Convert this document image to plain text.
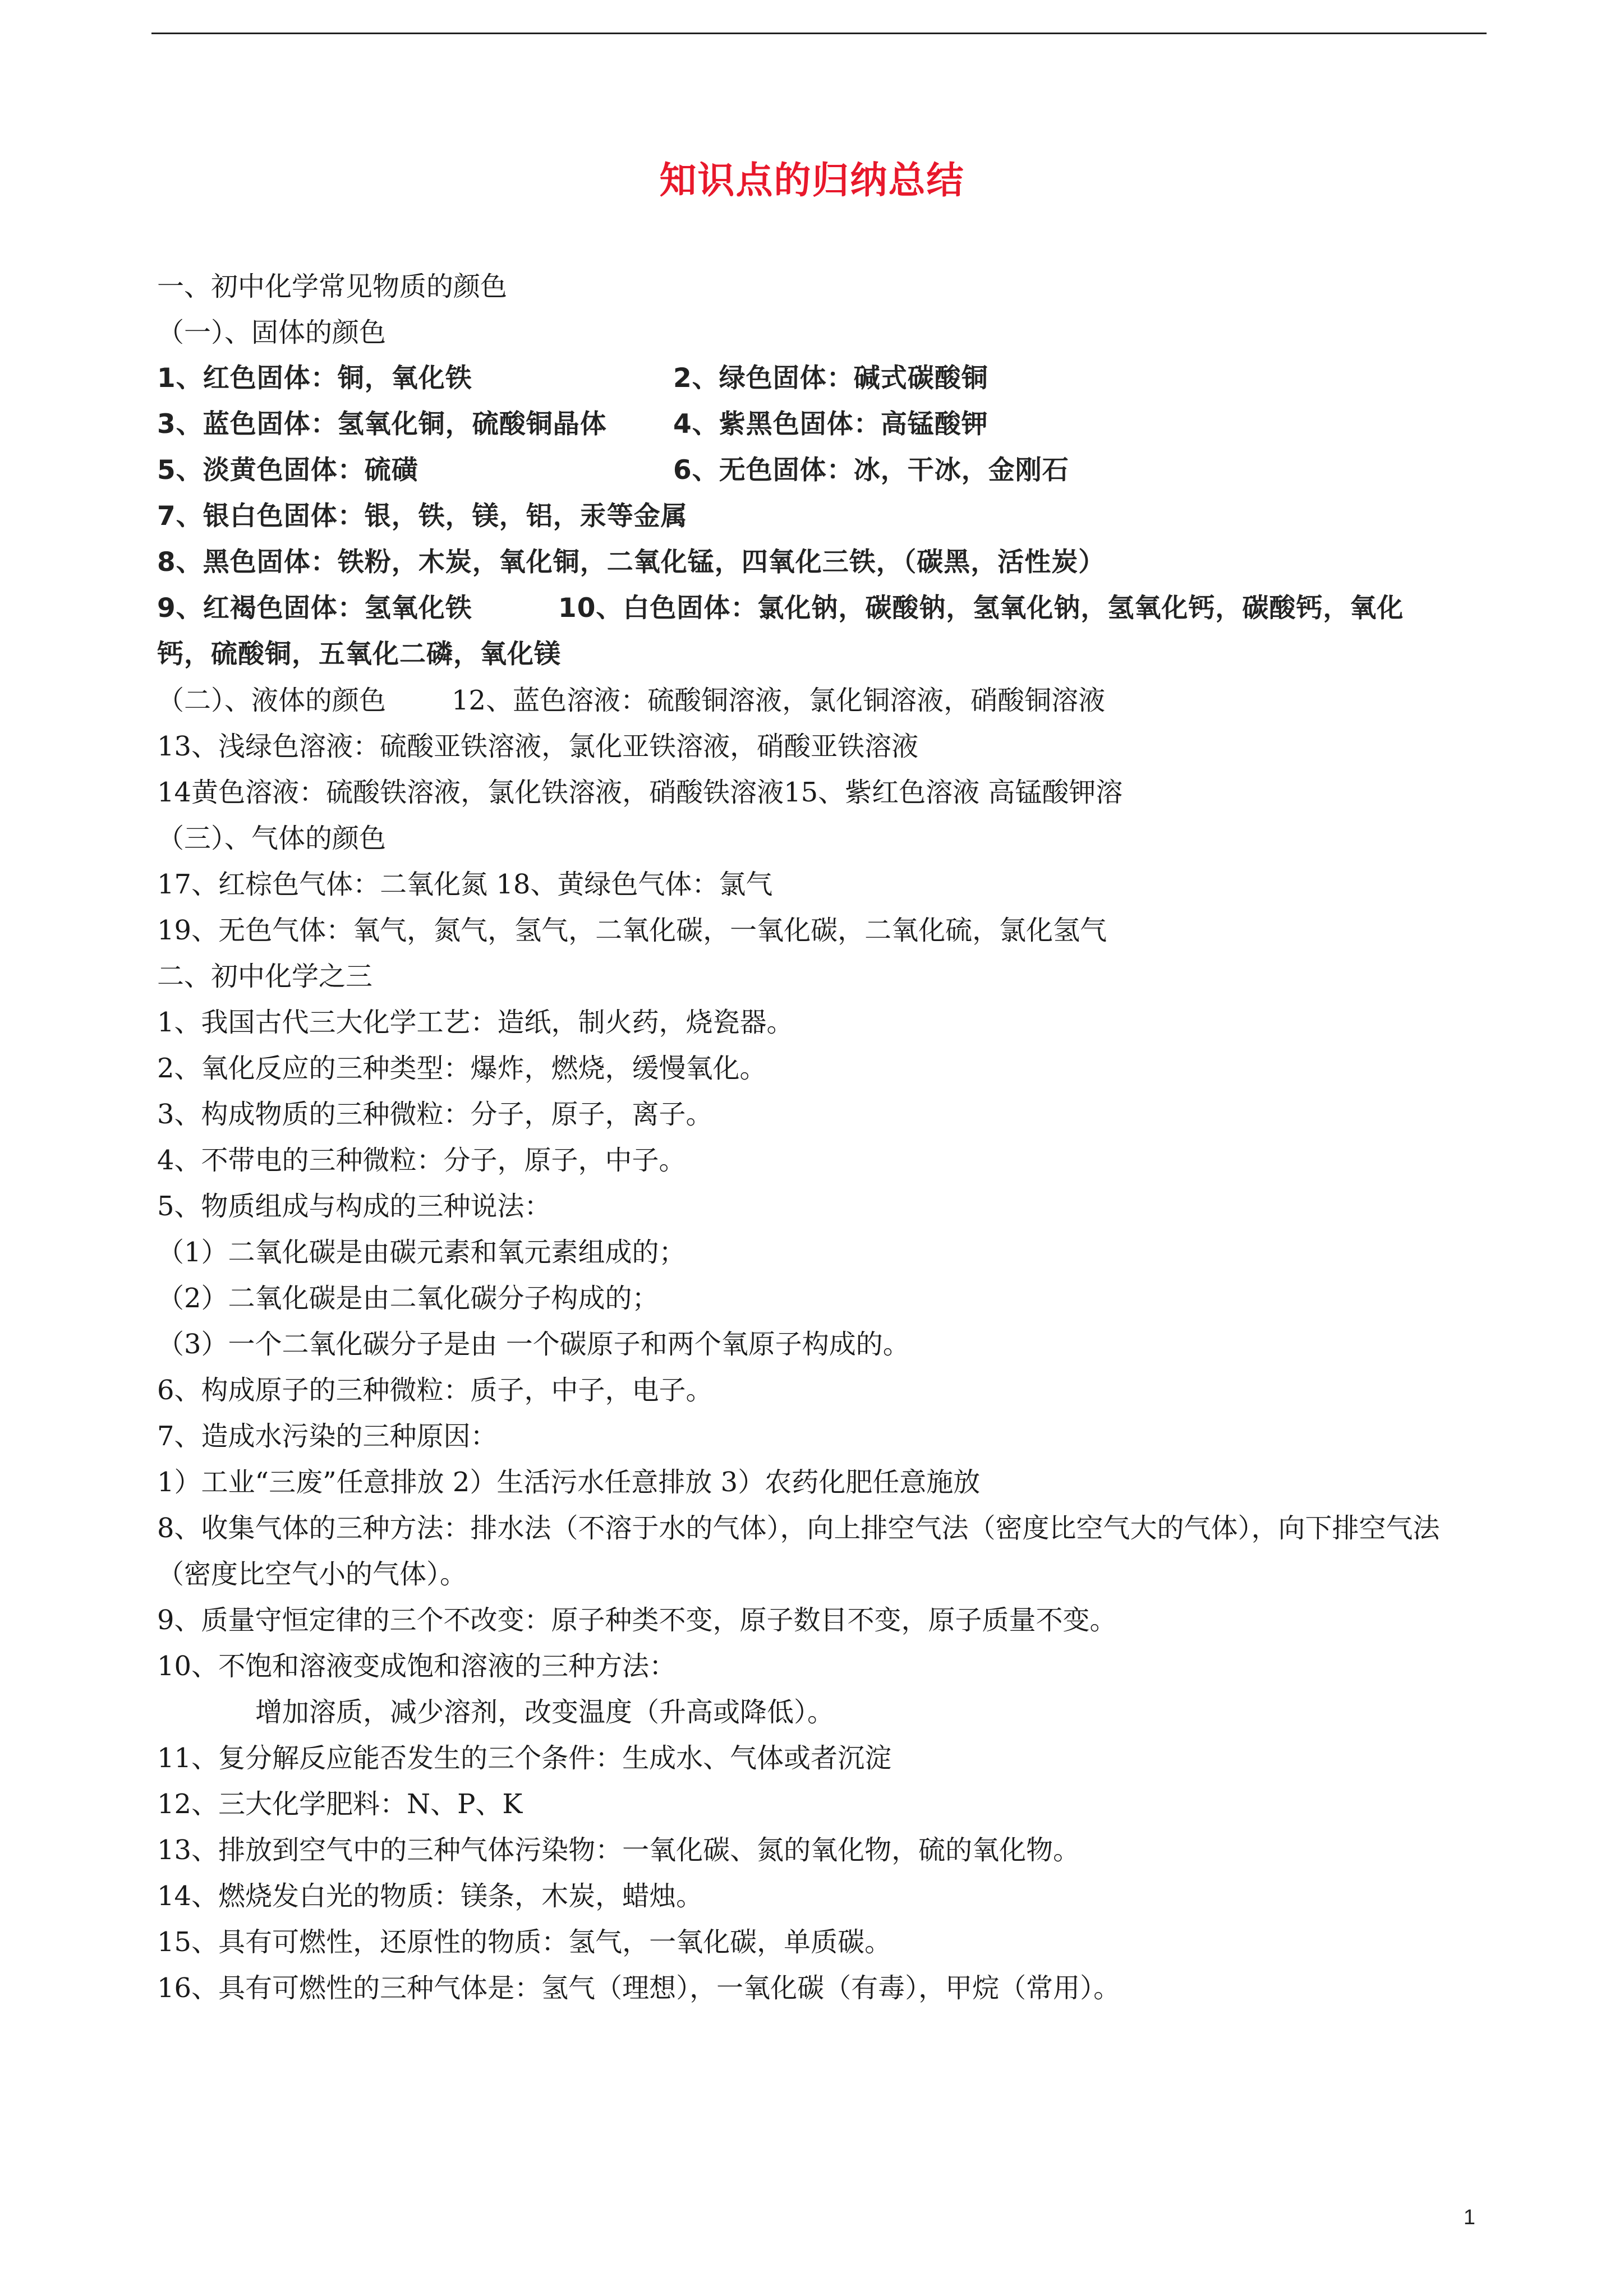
知识点的归纳总结
一、初中化学常见物质的颜色
（一）、固体的颜色
1、红色固体：铜，氧化铁	2、绿色固体：碱式碳酸铜
3、蓝色固体：氢氧化铜，硫酸铜晶体	4、紫黑色固体：高锰酸钾
5、淡黄色固体：硫磺	6、无色固体：冰，干冰，金刚石
7、银白色固体：银，铁，镁，铝，汞等金属
8、黑色固体：铁粉，木炭，氧化铜，二氧化锰，四氧化三铁，（碳黑，活性炭）
9、红褐色固体：氢氧化铁	10、白色固体：氯化钠，碳酸钠，氢氧化钠，氢氧化钙，碳酸钙，氧化
钙，硫酸铜，五氧化二磷，氧化镁
（二）、液体的颜色 12、蓝色溶液：硫酸铜溶液，氯化铜溶液，硝酸铜溶液
13、浅绿色溶液：硫酸亚铁溶液，氯化亚铁溶液，硝酸亚铁溶液
14黄色溶液：硫酸铁溶液，氯化铁溶液，硝酸铁溶液15、紫红色溶液 高锰酸钾溶
（三）、气体的颜色
17、红棕色气体：二氧化氮 18、黄绿色气体：氯气
19、无色气体：氧气，氮气，氢气，二氧化碳，一氧化碳，二氧化硫，氯化氢气
二、初中化学之三
1、我国古代三大化学工艺：造纸，制火药，烧瓷器。
2、氧化反应的三种类型：爆炸，燃烧，缓慢氧化。
3、构成物质的三种微粒：分子，原子，离子。
4、不带电的三种微粒：分子，原子，中子。
5、物质组成与构成的三种说法：
（1）二氧化碳是由碳元素和氧元素组成的；
（2）二氧化碳是由二氧化碳分子构成的；
（3）一个二氧化碳分子是由 一个碳原子和两个氧原子构成的。
6、构成原子的三种微粒：质子，中子，电子。
7、造成水污染的三种原因：
1）工业“三废”任意排放 2）生活污水任意排放 3）农药化肥任意施放
8、收集气体的三种方法：排水法（不溶于水的气体），向上排空气法（密度比空气大的气体），向下排空气法（密度比空气小的气体）。
9、质量守恒定律的三个不改变：原子种类不变，原子数目不变，原子质量不变。
10、不饱和溶液变成饱和溶液的三种方法：
增加溶质，减少溶剂，改变温度（升高或降低）。
11、复分解反应能否发生的三个条件：生成水、气体或者沉淀
12、三大化学肥料：N、P、K
13、排放到空气中的三种气体污染物：一氧化碳、氮的氧化物，硫的氧化物。
14、燃烧发白光的物质：镁条，木炭，蜡烛。
15、具有可燃性，还原性的物质：氢气，一氧化碳，单质碳。
16、具有可燃性的三种气体是：氢气（理想），一氧化碳（有毒），甲烷（常用）。
1
